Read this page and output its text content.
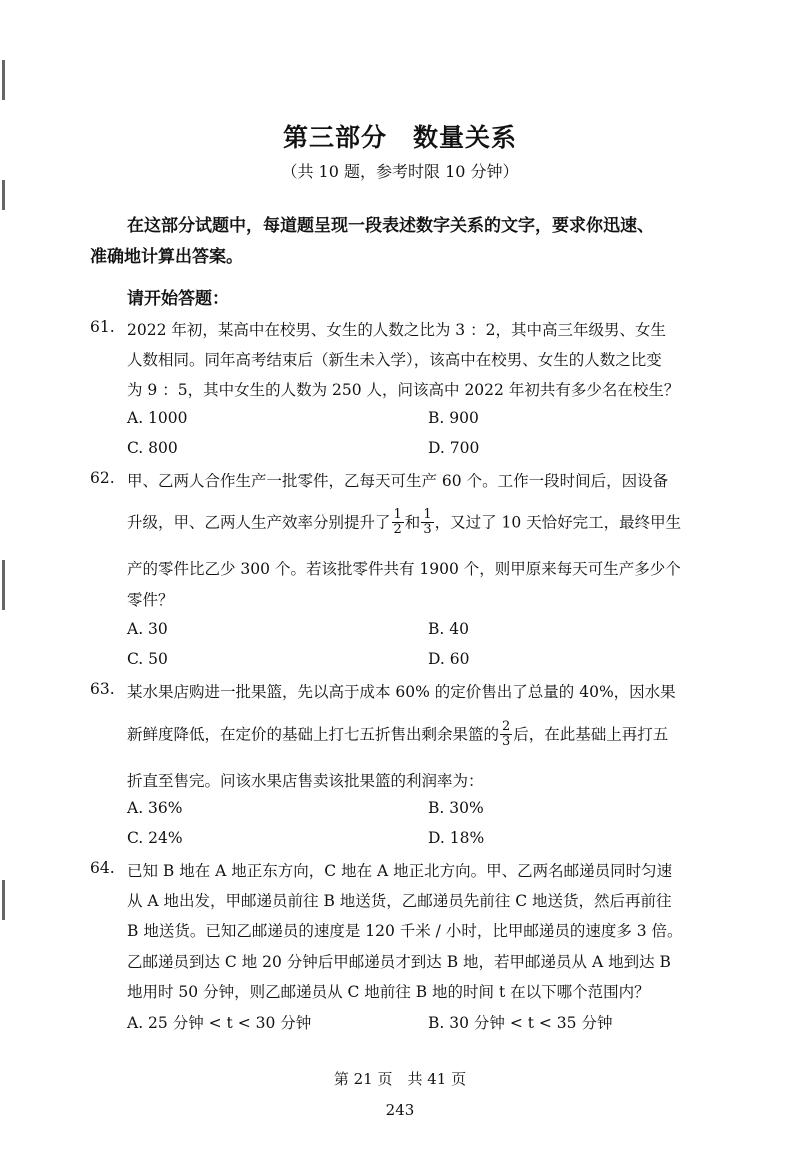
第三部分　数量关系
（共 10 题，参考时限 10 分钟）
在这部分试题中，每道题呈现一段表述数字关系的文字，要求你迅速、
准确地计算出答案。
请开始答题：
61. 2022 年初，某高中在校男、女生的人数之比为 3 ：2，其中高三年级男、女生
人数相同。同年高考结束后（新生未入学），该高中在校男、女生的人数之比变
为 9 ：5，其中女生的人数为 250 人，问该高中 2022 年初共有多少名在校生？
A. 1000	B. 900
C. 800	D. 700
62. 甲、乙两人合作生产一批零件，乙每天可生产 60 个。工作一段时间后，因设备
升级，甲、乙两人生产效率分别提升了 $\frac{1}{2}$ 和 $\frac{1}{3}$ ，又过了 10 天恰好完工，最终甲生
产的零件比乙少 300 个。若该批零件共有 1900 个，则甲原来每天可生产多少个
零件？
A. 30	B. 40
C. 50	D. 60
63. 某水果店购进一批果篮，先以高于成本 60% 的定价售出了总量的 40%，因水果
新鲜度降低，在定价的基础上打七五折售出剩余果篮的 $\frac{2}{3}$ 后，在此基础上再打五
折直至售完。问该水果店售卖该批果篮的利润率为：
A. 36%	B. 30%
C. 24%	D. 18%
64. 已知 B 地在 A 地正东方向，C 地在 A 地正北方向。甲、乙两名邮递员同时匀速
从 A 地出发，甲邮递员前往 B 地送货，乙邮递员先前往 C 地送货，然后再前往
B 地送货。已知乙邮递员的速度是 120 千米 / 小时，比甲邮递员的速度多 3 倍。
乙邮递员到达 C 地 20 分钟后甲邮递员才到达 B 地，若甲邮递员从 A 地到达 B
地用时 50 分钟，则乙邮递员从 C 地前往 B 地的时间 t 在以下哪个范围内？
A. 25 分钟 < t < 30 分钟	B. 30 分钟 < t < 35 分钟
第 21 页　共 41 页
243
